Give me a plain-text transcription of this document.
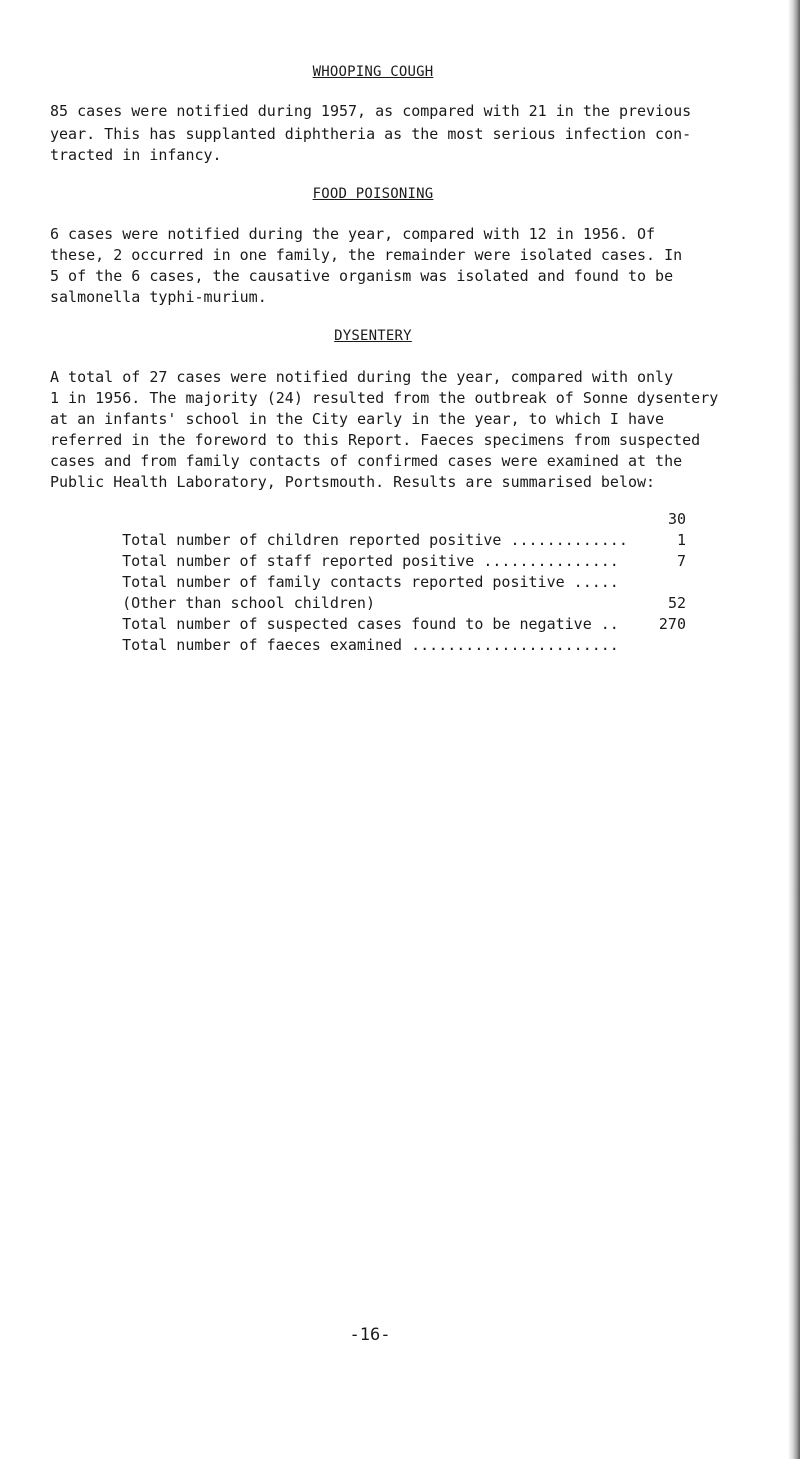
WHOOPING COUGH
85 cases were notified during 1957, as compared with 21 in the previous
year. This has supplanted diphtheria as the most serious infection con-
tracted in infancy.
FOOD POISONING
6 cases were notified during the year, compared with 12 in 1956. Of
these, 2 occurred in one family, the remainder were isolated cases. In
5 of the 6 cases, the causative organism was isolated and found to be
salmonella typhi-murium.
DYSENTERY
A total of 27 cases were notified during the year, compared with only
1 in 1956. The majority (24) resulted from the outbreak of Sonne dysentery
at an infants' school in the City early in the year, to which I have
referred in the foreword to this Report. Faeces specimens from suspected
cases and from family contacts of confirmed cases were examined at the
Public Health Laboratory, Portsmouth. Results are summarised below:

Total number of children reported positive .............

30

Total number of staff reported positive ...............

1

Total number of family contacts reported positive .....

7

(Other than school children)

Total number of suspected cases found to be negative ..

52

Total number of faeces examined .......................

270

-16-
